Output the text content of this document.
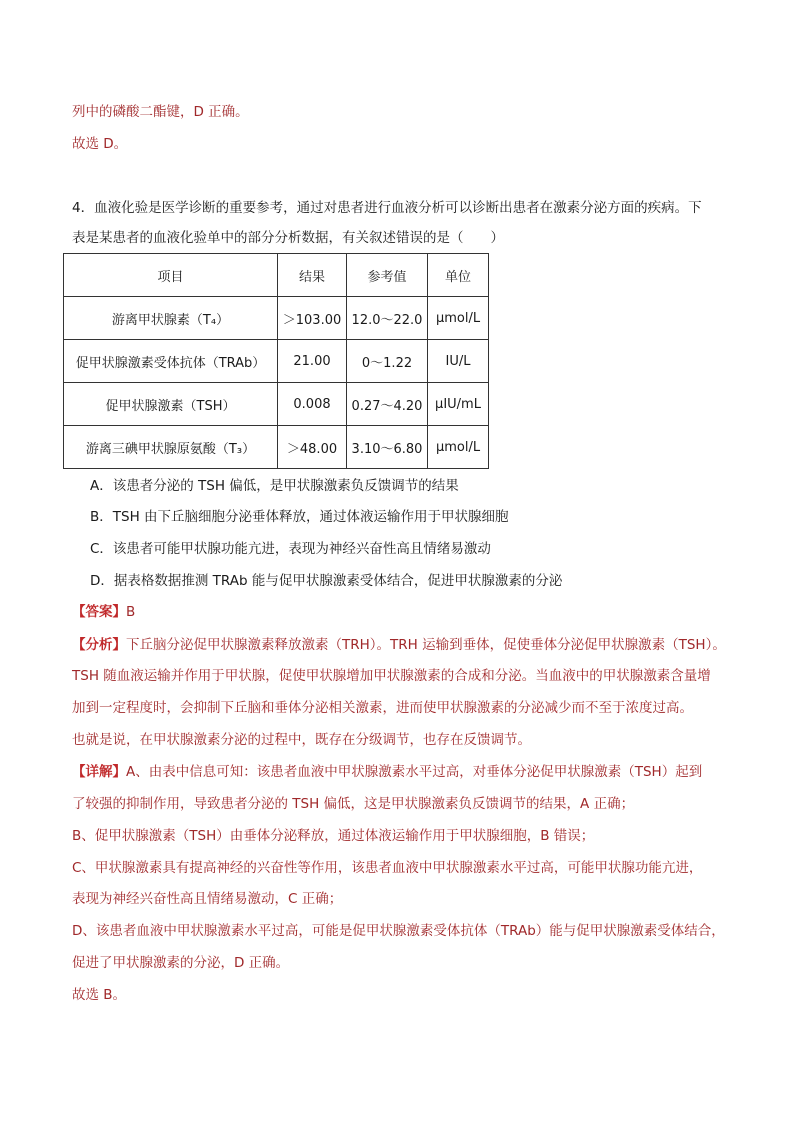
列中的磷酸二酯键，D 正确。
故选 D。
4．血液化验是医学诊断的重要参考，通过对患者进行血液分析可以诊断出患者在激素分泌方面的疾病。下
表是某患者的血液化验单中的部分分析数据，有关叙述错误的是（　　）
项目	结果	参考值	单位
游离甲状腺素（T₄）	＞103.00	12.0～22.0	μmol/L
促甲状腺激素受体抗体（TRAb）	21.00	0～1.22	IU/L
促甲状腺激素（TSH）	0.008	0.27～4.20	μIU/mL
游离三碘甲状腺原氨酸（T₃）	＞48.00	3.10～6.80	μmol/L
A．该患者分泌的 TSH 偏低，是甲状腺激素负反馈调节的结果
B．TSH 由下丘脑细胞分泌垂体释放，通过体液运输作用于甲状腺细胞
C．该患者可能甲状腺功能亢进，表现为神经兴奋性高且情绪易激动
D．据表格数据推测 TRAb 能与促甲状腺激素受体结合，促进甲状腺激素的分泌
【答案】B
【分析】下丘脑分泌促甲状腺激素释放激素（TRH）。TRH 运输到垂体，促使垂体分泌促甲状腺激素（TSH）。
TSH 随血液运输并作用于甲状腺，促使甲状腺增加甲状腺激素的合成和分泌。当血液中的甲状腺激素含量增
加到一定程度时，会抑制下丘脑和垂体分泌相关激素，进而使甲状腺激素的分泌减少而不至于浓度过高。
也就是说，在甲状腺激素分泌的过程中，既存在分级调节，也存在反馈调节。
【详解】A、由表中信息可知：该患者血液中甲状腺激素水平过高，对垂体分泌促甲状腺激素（TSH）起到
了较强的抑制作用，导致患者分泌的 TSH 偏低，这是甲状腺激素负反馈调节的结果，A 正确；
B、促甲状腺激素（TSH）由垂体分泌释放，通过体液运输作用于甲状腺细胞，B 错误；
C、甲状腺激素具有提高神经的兴奋性等作用，该患者血液中甲状腺激素水平过高，可能甲状腺功能亢进，
表现为神经兴奋性高且情绪易激动，C 正确；
D、该患者血液中甲状腺激素水平过高，可能是促甲状腺激素受体抗体（TRAb）能与促甲状腺激素受体结合，
促进了甲状腺激素的分泌，D 正确。
故选 B。
